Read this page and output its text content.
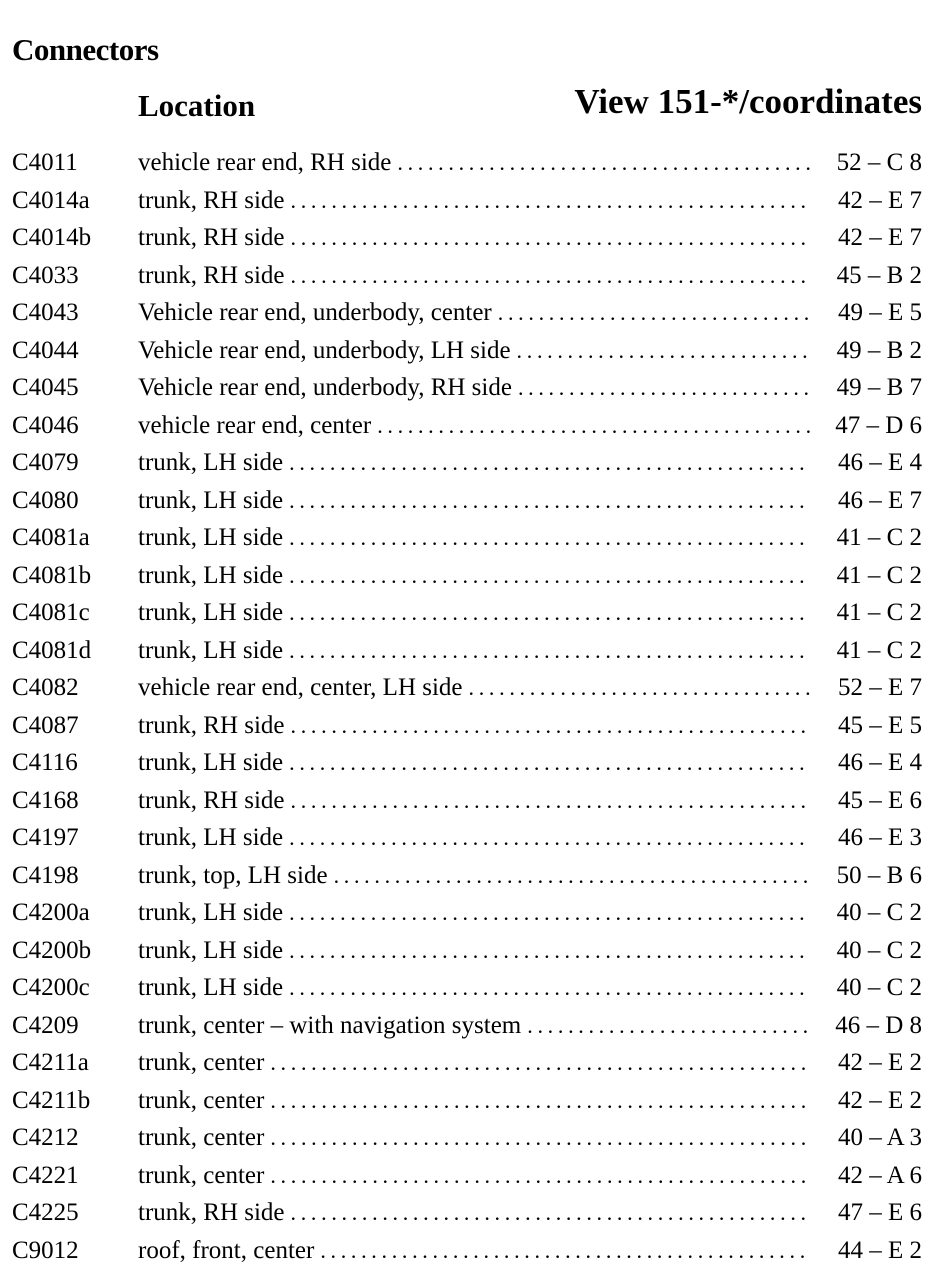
Connectors
Location	View 151-*/coordinates
C4011	vehicle rear end, RH side .....	52 – C 8
C4014a	trunk, RH side .....	42 – E 7
C4014b	trunk, RH side .....	42 – E 7
C4033	trunk, RH side .....	45 – B 2
C4043	Vehicle rear end, underbody, center .....	49 – E 5
C4044	Vehicle rear end, underbody, LH side .....	49 – B 2
C4045	Vehicle rear end, underbody, RH side .....	49 – B 7
C4046	vehicle rear end, center .....	47 – D 6
C4079	trunk, LH side .....	46 – E 4
C4080	trunk, LH side .....	46 – E 7
C4081a	trunk, LH side .....	41 – C 2
C4081b	trunk, LH side .....	41 – C 2
C4081c	trunk, LH side .....	41 – C 2
C4081d	trunk, LH side .....	41 – C 2
C4082	vehicle rear end, center, LH side .....	52 – E 7
C4087	trunk, RH side .....	45 – E 5
C4116	trunk, LH side .....	46 – E 4
C4168	trunk, RH side .....	45 – E 6
C4197	trunk, LH side .....	46 – E 3
C4198	trunk, top, LH side .....	50 – B 6
C4200a	trunk, LH side .....	40 – C 2
C4200b	trunk, LH side .....	40 – C 2
C4200c	trunk, LH side .....	40 – C 2
C4209	trunk, center – with navigation system .....	46 – D 8
C4211a	trunk, center .....	42 – E 2
C4211b	trunk, center .....	42 – E 2
C4212	trunk, center .....	40 – A 3
C4221	trunk, center .....	42 – A 6
C4225	trunk, RH side .....	47 – E 6
C9012	roof, front, center .....	44 – E 2
